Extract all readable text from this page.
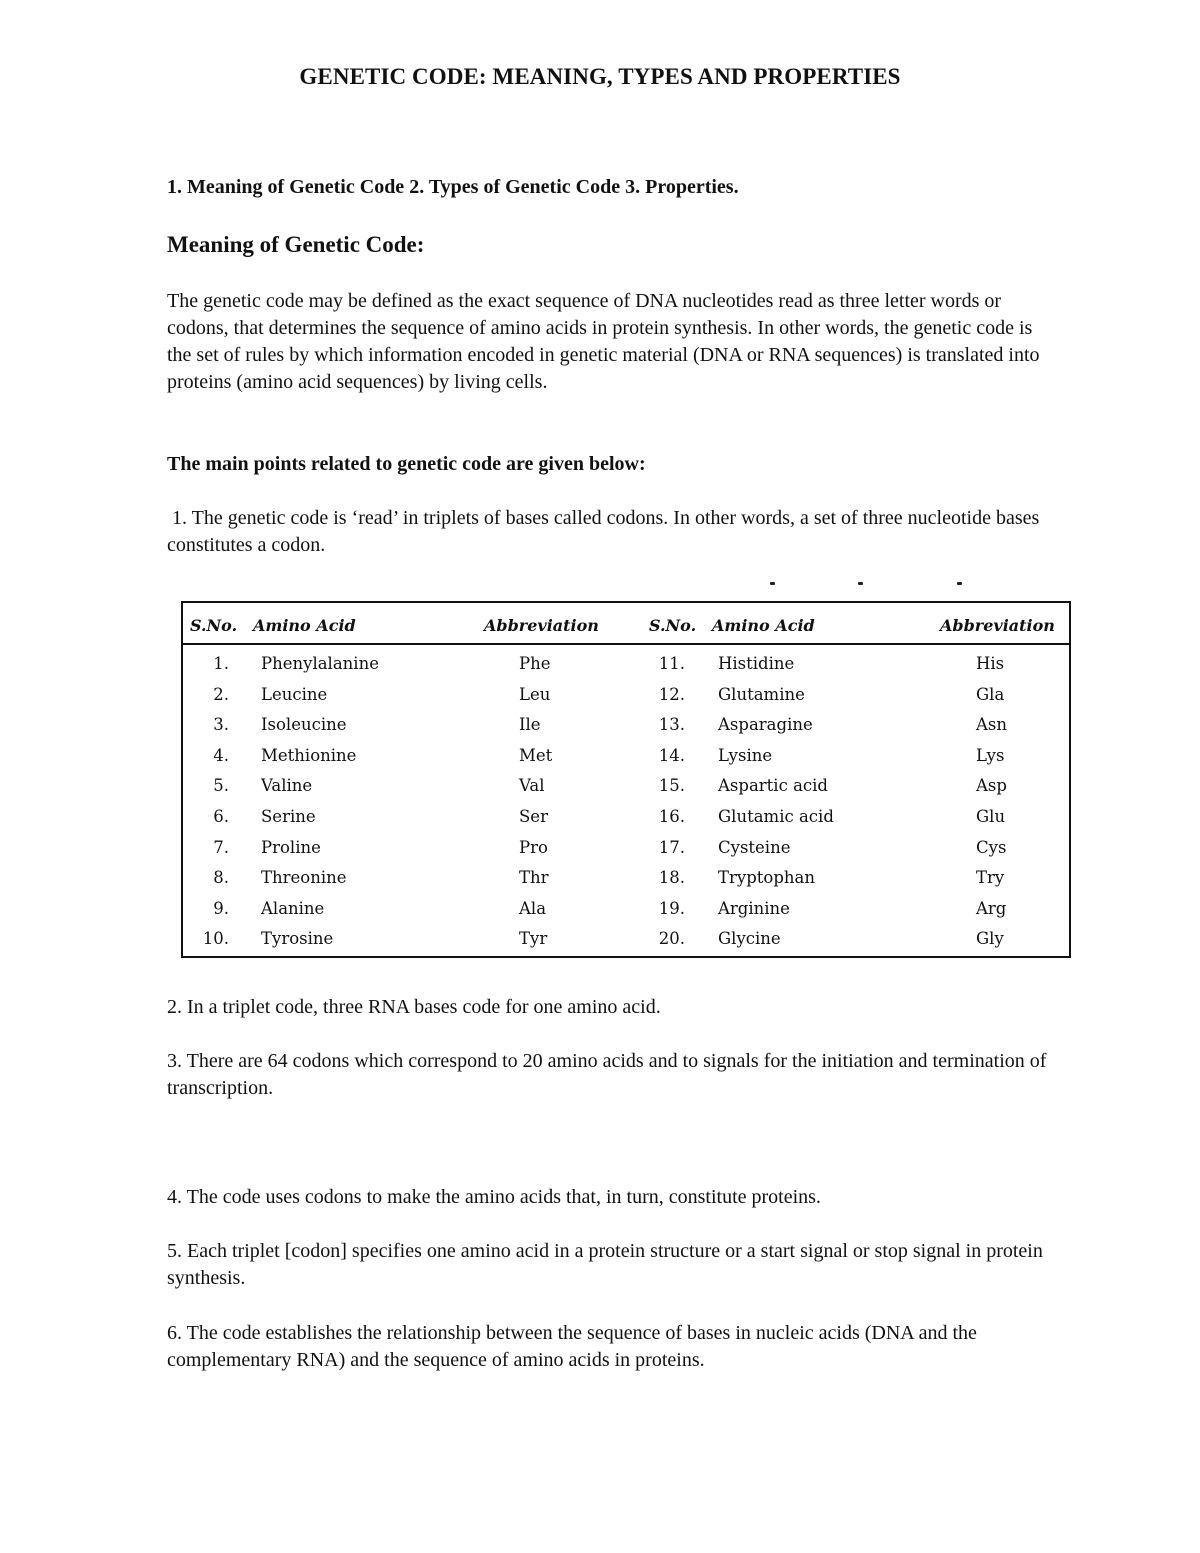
GENETIC CODE: MEANING, TYPES AND PROPERTIES
1. Meaning of Genetic Code 2. Types of Genetic Code 3. Properties.
Meaning of Genetic Code:

The genetic code may be defined as the exact sequence of DNA nucleotides read as three letter words or codons, that determines the sequence of amino acids in protein synthesis. In other words, the genetic code is the set of rules by which information encoded in genetic material (DNA or RNA sequences) is translated into proteins (amino acid sequences) by living cells.

The main points related to genetic code are given below:

1. The genetic code is ‘read’ in triplets of bases called codons. In other words, a set of three nucleotide bases constitutes a codon.

S.No. Amino Acid	Abbreviation	S.No. Amino Acid	Abbreviation
1. Phenylalanine	Phe	11. Histidine	His
2. Leucine	Leu	12. Glutamine	Gla
3. Isoleucine	Ile	13. Asparagine	Asn
4. Methionine	Met	14. Lysine	Lys
5. Valine	Val	15. Aspartic acid	Asp
6. Serine	Ser	16. Glutamic acid	Glu
7. Proline	Pro	17. Cysteine	Cys
8. Threonine	Thr	18. Tryptophan	Try
9. Alanine	Ala	19. Arginine	Arg
10. Tyrosine	Tyr	20. Glycine	Gly

2. In a triplet code, three RNA bases code for one amino acid.

3. There are 64 codons which correspond to 20 amino acids and to signals for the initiation and termination of transcription.

4. The code uses codons to make the amino acids that, in turn, constitute proteins.

5. Each triplet [codon] specifies one amino acid in a protein structure or a start signal or stop signal in protein synthesis.

6. The code establishes the relationship between the sequence of bases in nucleic acids (DNA and the complementary RNA) and the sequence of amino acids in proteins.
